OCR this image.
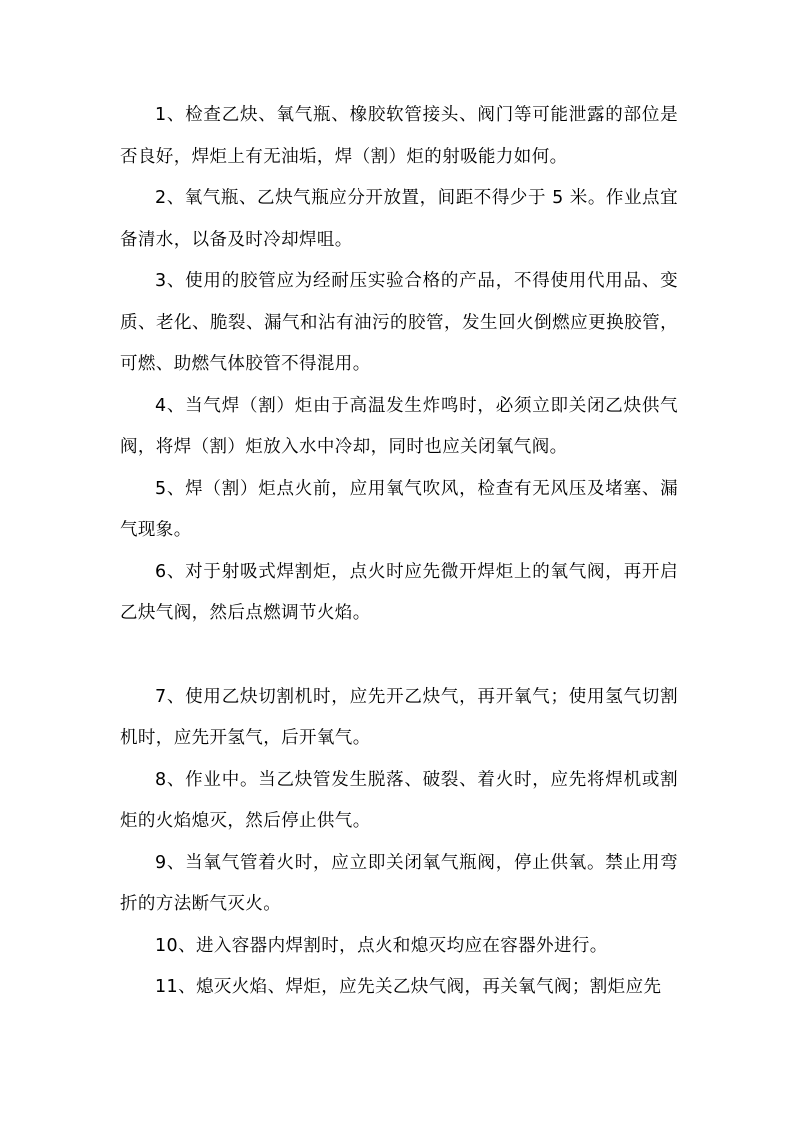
1、检查乙炔、氧气瓶、橡胶软管接头、阀门等可能泄露的部位是否良好，焊炬上有无油垢，焊（割）炬的射吸能力如何。

2、氧气瓶、乙炔气瓶应分开放置，间距不得少于 5 米。作业点宜备清水，以备及时冷却焊咀。

3、使用的胶管应为经耐压实验合格的产品，不得使用代用品、变质、老化、脆裂、漏气和沾有油污的胶管，发生回火倒燃应更换胶管，可燃、助燃气体胶管不得混用。

4、当气焊（割）炬由于高温发生炸鸣时，必须立即关闭乙炔供气阀，将焊（割）炬放入水中冷却，同时也应关闭氧气阀。

5、焊（割）炬点火前，应用氧气吹风，检查有无风压及堵塞、漏气现象。

6、对于射吸式焊割炬，点火时应先微开焊炬上的氧气阀，再开启乙炔气阀，然后点燃调节火焰。

7、使用乙炔切割机时，应先开乙炔气，再开氧气；使用氢气切割机时，应先开氢气，后开氧气。

8、作业中。当乙炔管发生脱落、破裂、着火时，应先将焊机或割炬的火焰熄灭，然后停止供气。

9、当氧气管着火时，应立即关闭氧气瓶阀，停止供氧。禁止用弯折的方法断气灭火。

10、进入容器内焊割时，点火和熄灭均应在容器外进行。

11、熄灭火焰、焊炬，应先关乙炔气阀，再关氧气阀；割炬应先
